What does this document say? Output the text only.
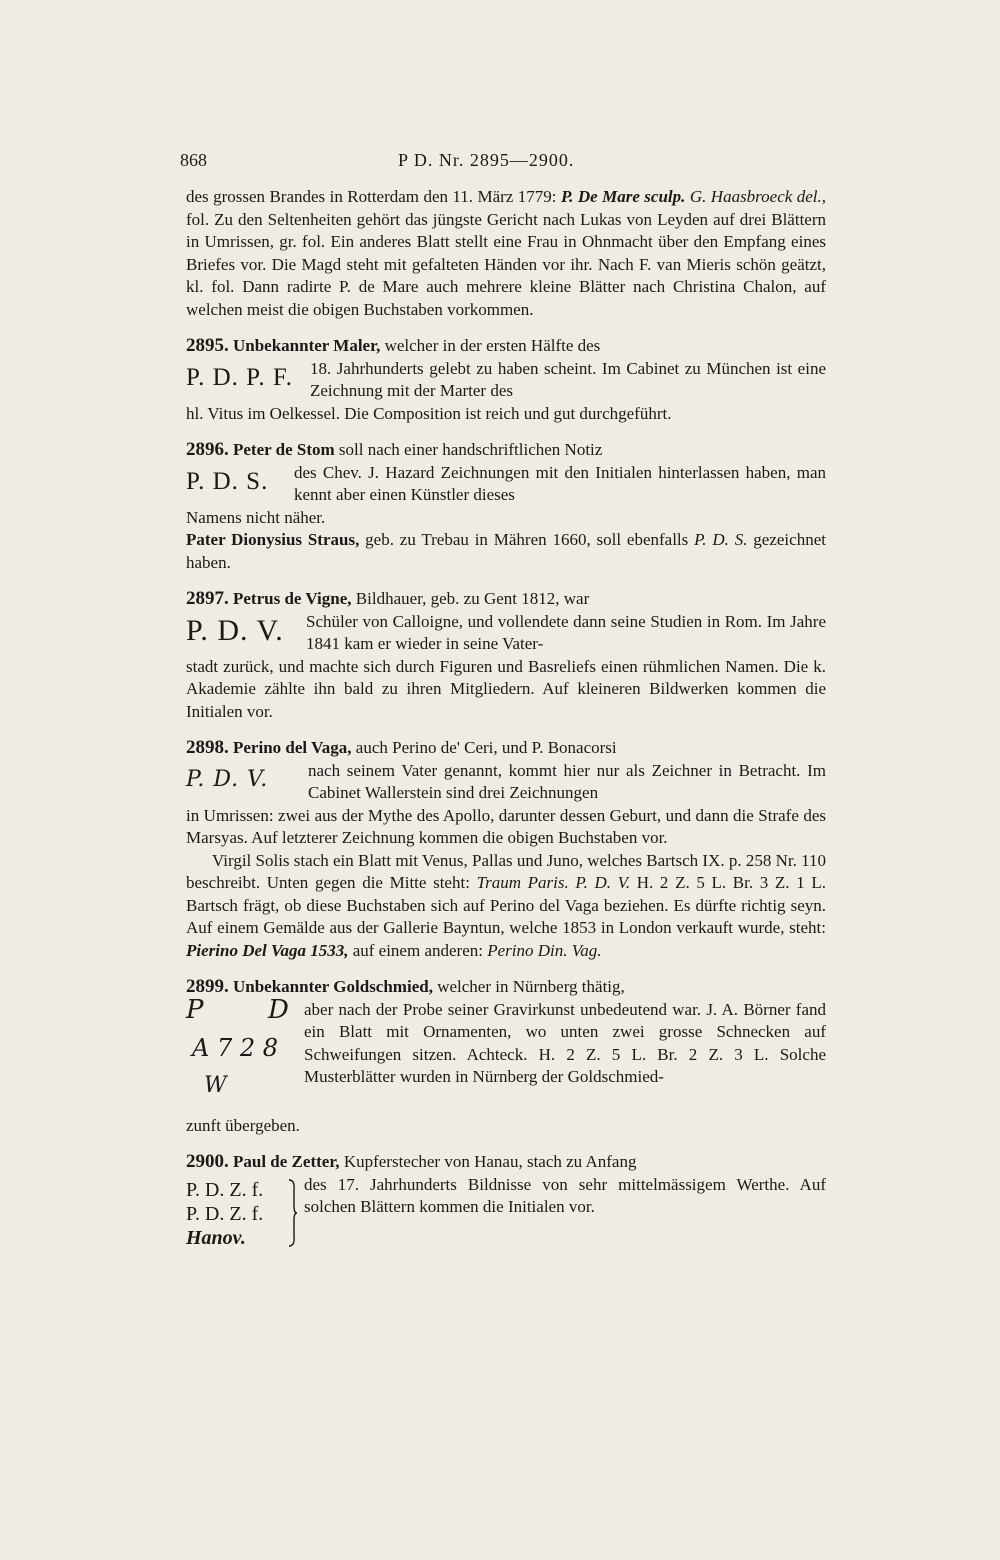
868	P D. Nr. 2895—2900.

des grossen Brandes in Rotterdam den 11. März 1779: P. De Mare sculp. G. Haasbroeck del., fol. Zu den Seltenheiten gehört das jüngste Gericht nach Lukas von Leyden auf drei Blättern in Umrissen, gr. fol. Ein anderes Blatt stellt eine Frau in Ohnmacht über den Empfang eines Briefes vor. Die Magd steht mit gefalteten Händen vor ihr. Nach F. van Mieris schön geätzt, kl. fol. Dann radirte P. de Mare auch mehrere kleine Blätter nach Christina Chalon, auf welchen meist die obigen Buchstaben vorkommen.

2895. Unbekannter Maler, welcher in der ersten Hälfte des

P. D. P. F.	18. Jahrhunderts gelebt zu haben scheint. Im Cabinet zu München ist eine Zeichnung mit der Marter des

hl. Vitus im Oelkessel. Die Composition ist reich und gut durchgeführt.

2896. Peter de Stom soll nach einer handschriftlichen Notiz

P. D. S.	des Chev. J. Hazard Zeichnungen mit den Initialen hinterlassen haben, man kennt aber einen Künstler dieses

Namens nicht näher.

Pater Dionysius Straus, geb. zu Trebau in Mähren 1660, soll ebenfalls P. D. S. gezeichnet haben.

2897. Petrus de Vigne, Bildhauer, geb. zu Gent 1812, war

P. D. V.	Schüler von Calloigne, und vollendete dann seine Studien in Rom. Im Jahre 1841 kam er wieder in seine Vater-

stadt zurück, und machte sich durch Figuren und Basreliefs einen rühmlichen Namen. Die k. Akademie zählte ihn bald zu ihren Mitgliedern. Auf kleineren Bildwerken kommen die Initialen vor.

2898. Perino del Vaga, auch Perino de' Ceri, und P. Bonacorsi

P. D. V.	nach seinem Vater genannt, kommt hier nur als Zeichner in Betracht. Im Cabinet Wallerstein sind drei Zeichnungen

in Umrissen: zwei aus der Mythe des Apollo, darunter dessen Geburt, und dann die Strafe des Marsyas. Auf letzterer Zeichnung kommen die obigen Buchstaben vor.

Virgil Solis stach ein Blatt mit Venus, Pallas und Juno, welches Bartsch IX. p. 258 Nr. 110 beschreibt. Unten gegen die Mitte steht: Traum Paris. P. D. V. H. 2 Z. 5 L. Br. 3 Z. 1 L. Bartsch frägt, ob diese Buchstaben sich auf Perino del Vaga beziehen. Es dürfte richtig seyn. Auf einem Gemälde aus der Gallerie Bayntun, welche 1853 in London verkauft wurde, steht: Pierino Del Vaga 1533, auf einem anderen: Perino Din. Vag.

2899. Unbekannter Goldschmied, welcher in Nürnberg thätig,

P D
A 7 2 8
W
aber nach der Probe seiner Gravirkunst unbedeutend war. J. A. Börner fand ein Blatt mit Ornamenten, wo unten zwei grosse Schnecken auf Schweifungen sitzen. Achteck. H. 2 Z. 5 L. Br. 2 Z. 3 L. Solche Musterblätter wurden in Nürnberg der Goldschmied-

zunft übergeben.

2900. Paul de Zetter, Kupferstecher von Hanau, stach zu Anfang

P. D. Z. f.
P. D. Z. f.
Hanov.
des 17. Jahrhunderts Bildnisse von sehr mittelmässigem Werthe. Auf solchen Blättern kommen die Initialen vor.
